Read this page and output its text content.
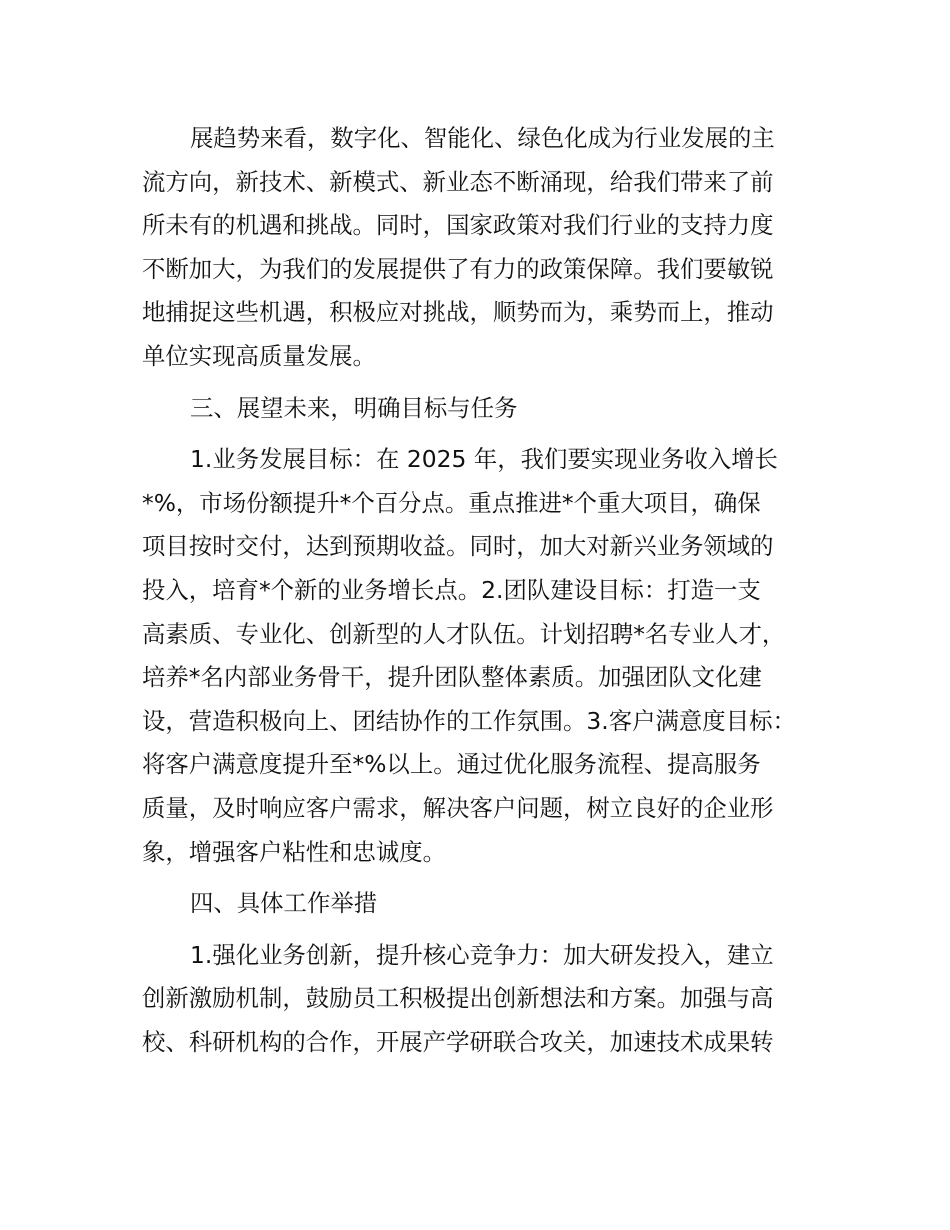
展趋势来看，数字化、智能化、绿色化成为行业发展的主
流方向，新技术、新模式、新业态不断涌现，给我们带来了前
所未有的机遇和挑战。同时，国家政策对我们行业的支持力度
不断加大，为我们的发展提供了有力的政策保障。我们要敏锐
地捕捉这些机遇，积极应对挑战，顺势而为，乘势而上，推动
单位实现高质量发展。
三、展望未来，明确目标与任务
1.业务发展目标：在 2025 年，我们要实现业务收入增长
*%，市场份额提升*个百分点。重点推进*个重大项目，确保
项目按时交付，达到预期收益。同时，加大对新兴业务领域的
投入，培育*个新的业务增长点。2.团队建设目标：打造一支
高素质、专业化、创新型的人才队伍。计划招聘*名专业人才，
培养*名内部业务骨干，提升团队整体素质。加强团队文化建
设，营造积极向上、团结协作的工作氛围。3.客户满意度目标：
将客户满意度提升至*%以上。通过优化服务流程、提高服务
质量，及时响应客户需求，解决客户问题，树立良好的企业形
象，增强客户粘性和忠诚度。
四、具体工作举措
1.强化业务创新，提升核心竞争力：加大研发投入，建立
创新激励机制，鼓励员工积极提出创新想法和方案。加强与高
校、科研机构的合作，开展产学研联合攻关，加速技术成果转
